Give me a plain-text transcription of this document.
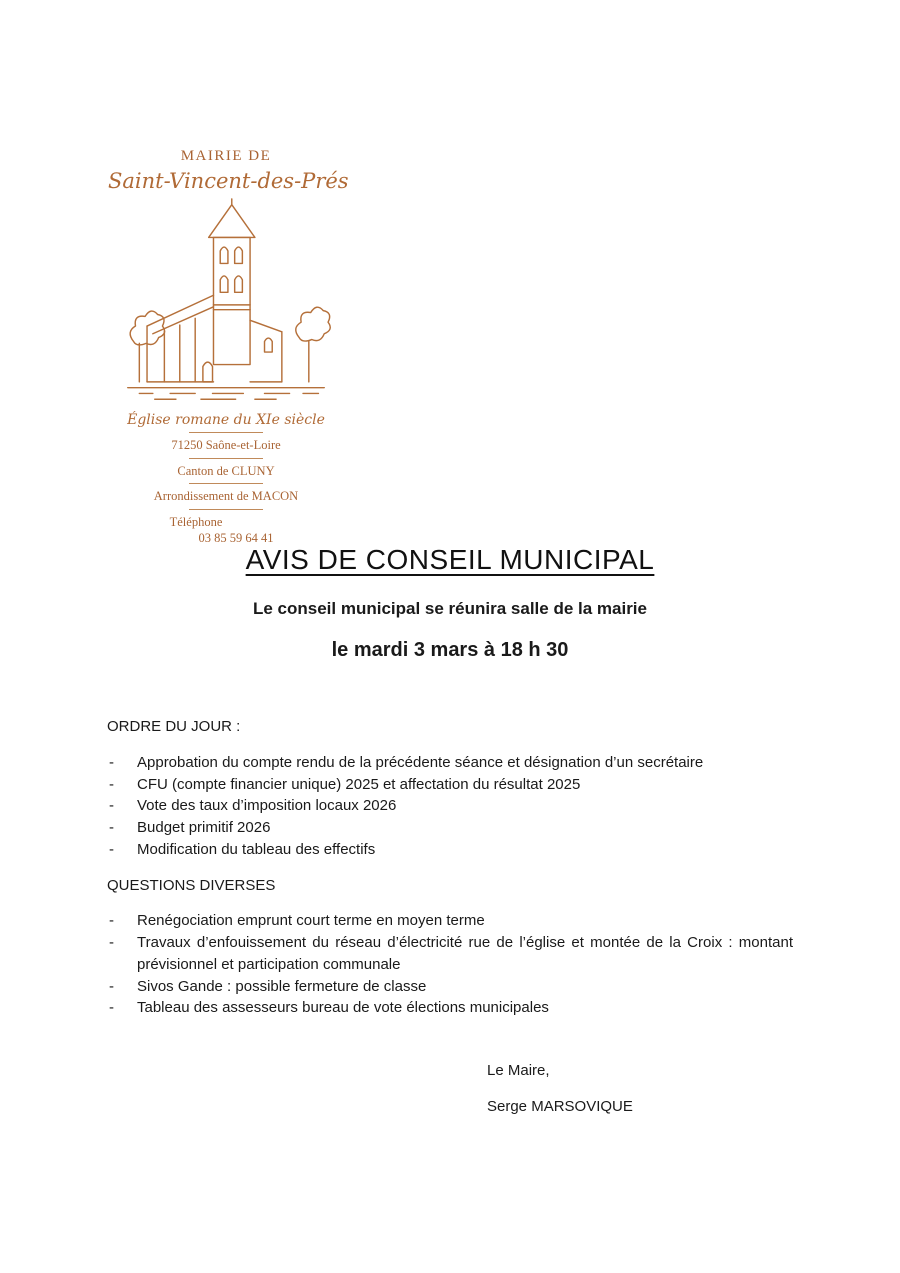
MAIRIE DE
Saint-Vincent-des-Prés
Église romane du XIe siècle
71250 Saône-et-Loire
Canton de CLUNY
Arrondissement de MACON
Téléphone
03 85 59 64 41
AVIS DE CONSEIL MUNICIPAL
Le conseil municipal se réunira salle de la mairie
le mardi 3 mars à 18 h 30
ORDRE DU JOUR :
-	Approbation du compte rendu de la précédente séance et désignation d’un secrétaire
-	CFU (compte financier unique) 2025 et affectation du résultat 2025
-	Vote des taux d’imposition locaux 2026
-	Budget primitif 2026
-	Modification du tableau des effectifs
QUESTIONS DIVERSES
-	Renégociation emprunt court terme en moyen terme
-	Travaux d’enfouissement du réseau d’électricité rue de l’église et montée de la Croix : montant prévisionnel et participation communale
-	Sivos Gande : possible fermeture de classe
-	Tableau des assesseurs bureau de vote élections municipales
Le Maire,
Serge MARSOVIQUE
